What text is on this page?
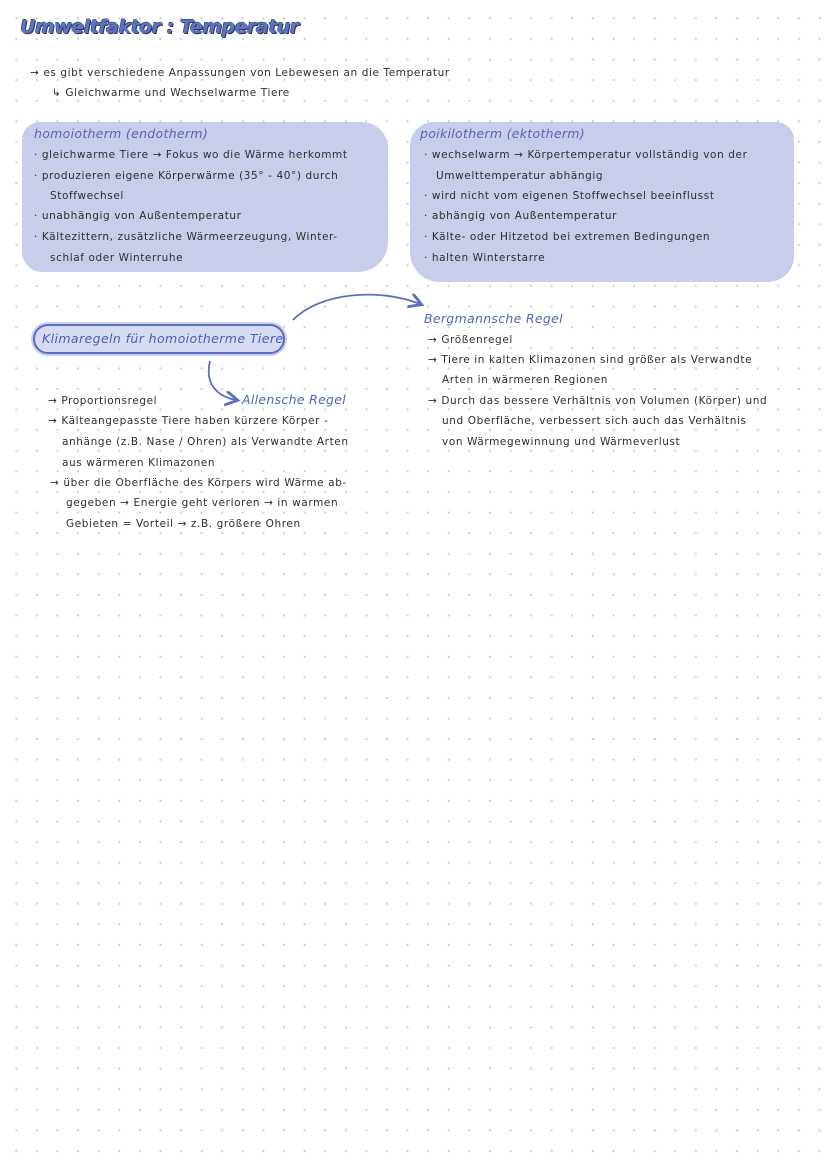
Umweltfaktor : Temperatur
→ es gibt verschiedene Anpassungen von Lebewesen an die Temperatur
↳ Gleichwarme und Wechselwarme Tiere
homoiotherm (endotherm)
· gleichwarme Tiere → Fokus wo die Wärme herkommt
· produzieren eigene Körperwärme (35° - 40°) durch
Stoffwechsel
· unabhängig von Außentemperatur
· Kältezittern, zusätzliche Wärmeerzeugung, Winter-
schlaf oder Winterruhe
poikilotherm (ektotherm)
· wechselwarm → Körpertemperatur vollständig von der
Umwelttemperatur abhängig
· wird nicht vom eigenen Stoffwechsel beeinflusst
· abhängig von Außentemperatur
· Kälte- oder Hitzetod bei extremen Bedingungen
· halten Winterstarre
Klimaregeln für homoiotherme Tiere
Bergmannsche Regel
→ Größenregel
→ Tiere in kalten Klimazonen sind größer als Verwandte
Arten in wärmeren Regionen
→ Durch das bessere Verhältnis von Volumen (Körper) und
und Oberfläche, verbessert sich auch das Verhältnis
von Wärmegewinnung und Wärmeverlust
Allensche Regel
→ Proportionsregel
→ Kälteangepasste Tiere haben kürzere Körper -
anhänge (z.B. Nase / Ohren) als Verwandte Arten
aus wärmeren Klimazonen
→ über die Oberfläche des Körpers wird Wärme ab-
gegeben → Energie geht verloren → in warmen
Gebieten = Vorteil → z.B. größere Ohren
